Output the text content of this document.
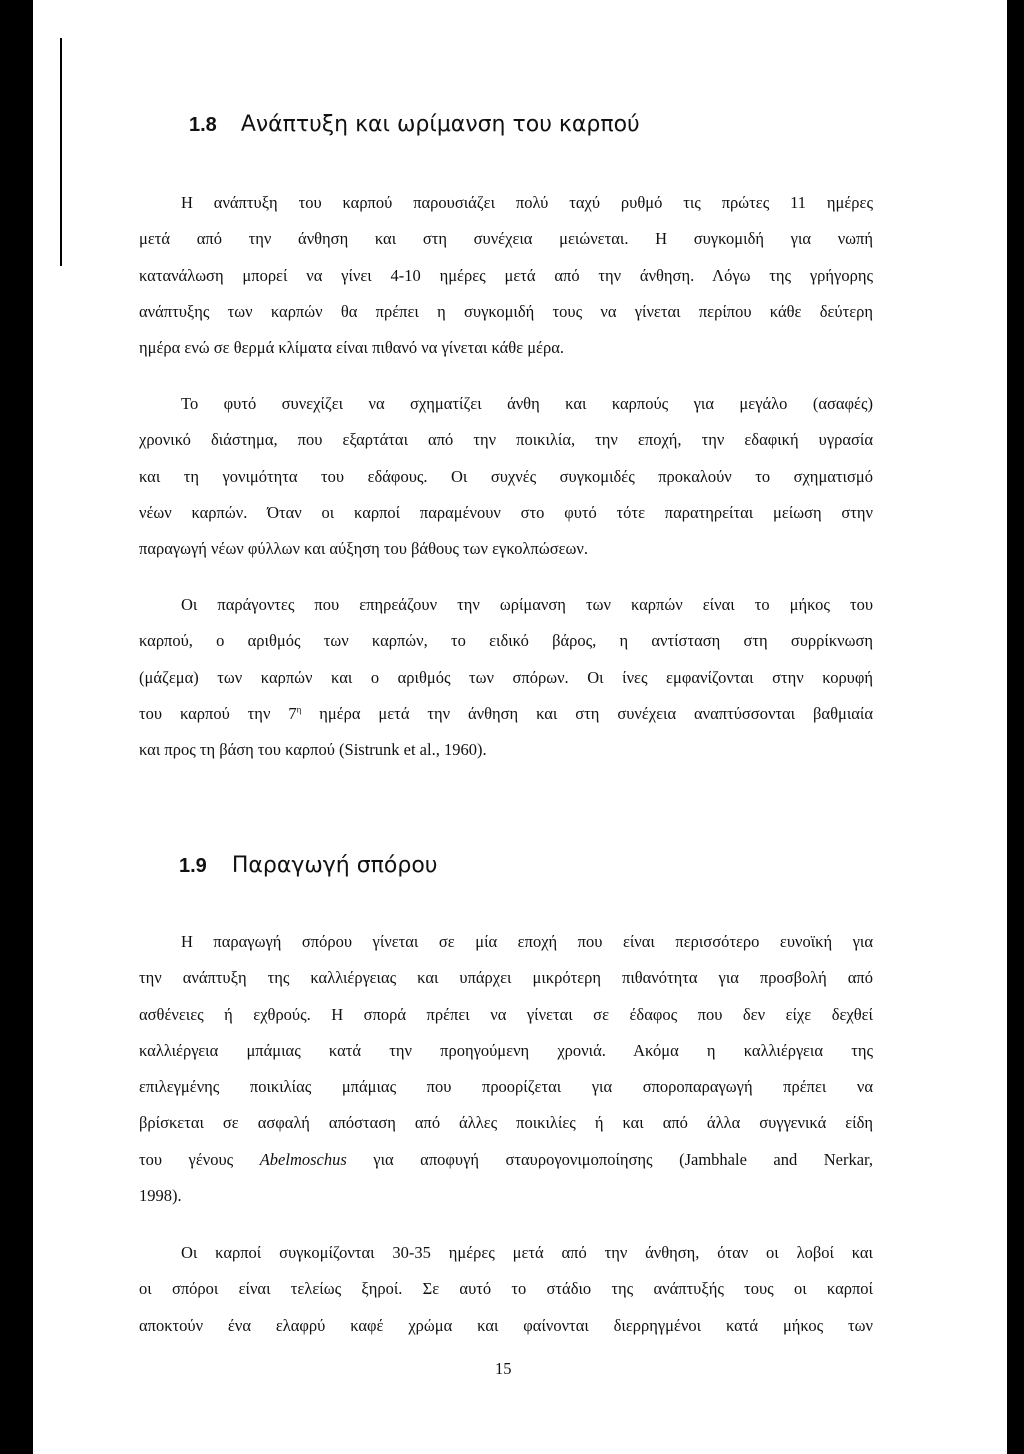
1.8 Ανάπτυξη και ωρίμανση του καρπού

Η ανάπτυξη του καρπού παρουσιάζει πολύ ταχύ ρυθμό τις πρώτες 11 ημέρες
μετά από την άνθηση και στη συνέχεια μειώνεται. Η συγκομιδή για νωπή
κατανάλωση μπορεί να γίνει 4-10 ημέρες μετά από την άνθηση. Λόγω της γρήγορης
ανάπτυξης των καρπών θα πρέπει η συγκομιδή τους να γίνεται περίπου κάθε δεύτερη
ημέρα ενώ σε θερμά κλίματα είναι πιθανό να γίνεται κάθε μέρα.

Το φυτό συνεχίζει να σχηματίζει άνθη και καρπούς για μεγάλο (ασαφές)
χρονικό διάστημα, που εξαρτάται από την ποικιλία, την εποχή, την εδαφική υγρασία
και τη γονιμότητα του εδάφους. Οι συχνές συγκομιδές προκαλούν το σχηματισμό
νέων καρπών. Όταν οι καρποί παραμένουν στο φυτό τότε παρατηρείται μείωση στην
παραγωγή νέων φύλλων και αύξηση του βάθους των εγκολπώσεων.

Οι παράγοντες που επηρεάζουν την ωρίμανση των καρπών είναι το μήκος του
καρπού, ο αριθμός των καρπών, το ειδικό βάρος, η αντίσταση στη συρρίκνωση
(μάζεμα) των καρπών και ο αριθμός των σπόρων. Οι ίνες εμφανίζονται στην κορυφή
του καρπού την $7^\eta$ ημέρα μετά την άνθηση και στη συνέχεια αναπτύσσονται βαθμιαία
και προς τη βάση του καρπού (Sistrunk et al., 1960).

1.9 Παραγωγή σπόρου

Η παραγωγή σπόρου γίνεται σε μία εποχή που είναι περισσότερο ευνοϊκή για
την ανάπτυξη της καλλιέργειας και υπάρχει μικρότερη πιθανότητα για προσβολή από
ασθένειες ή εχθρούς. Η σπορά πρέπει να γίνεται σε έδαφος που δεν είχε δεχθεί
καλλιέργεια μπάμιας κατά την προηγούμενη χρονιά. Ακόμα η καλλιέργεια της
επιλεγμένης ποικιλίας μπάμιας που προορίζεται για σποροπαραγωγή πρέπει να
βρίσκεται σε ασφαλή απόσταση από άλλες ποικιλίες ή και από άλλα συγγενικά είδη
του γένους Abelmoschus για αποφυγή σταυρογονιμοποίησης (Jambhale and Nerkar,
1998).

Οι καρποί συγκομίζονται 30-35 ημέρες μετά από την άνθηση, όταν οι λοβοί και
οι σπόροι είναι τελείως ξηροί. Σε αυτό το στάδιο της ανάπτυξής τους οι καρποί
αποκτούν ένα ελαφρύ καφέ χρώμα και φαίνονται διερρηγμένοι κατά μήκος των

15
